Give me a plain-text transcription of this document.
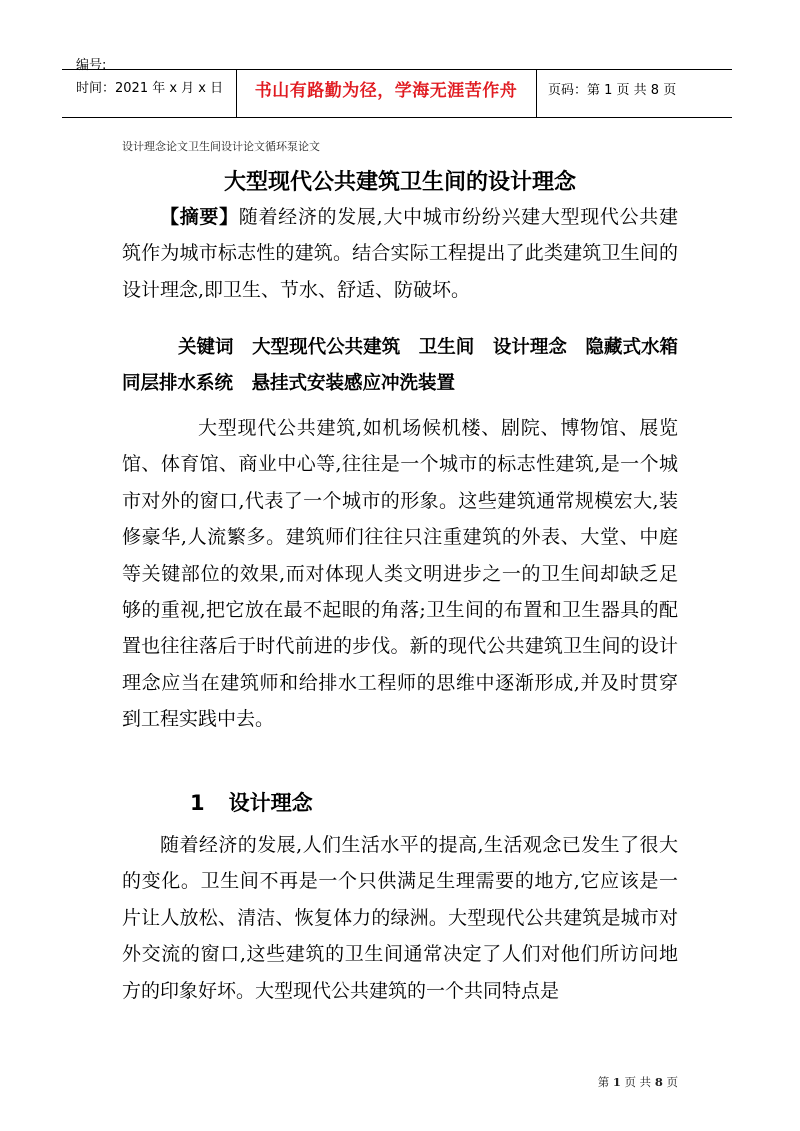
编号:
时间：2021 年 x 月 x 日	书山有路勤为径，学海无涯苦作舟	页码：第 1 页 共 8 页
设计理念论文卫生间设计论文循环泵论文
大型现代公共建筑卫生间的设计理念
【摘要】随着经济的发展,大中城市纷纷兴建大型现代公共建筑作为城市标志性的建筑。结合实际工程提出了此类建筑卫生间的设计理念,即卫生、节水、舒适、防破坏。
关键词　大型现代公共建筑　卫生间　设计理念　隐藏式水箱　同层排水系统　悬挂式安装感应冲洗装置
大型现代公共建筑,如机场候机楼、剧院、博物馆、展览馆、体育馆、商业中心等,往往是一个城市的标志性建筑,是一个城市对外的窗口,代表了一个城市的形象。这些建筑通常规模宏大,装修豪华,人流繁多。建筑师们往往只注重建筑的外表、大堂、中庭等关键部位的效果,而对体现人类文明进步之一的卫生间却缺乏足够的重视,把它放在最不起眼的角落;卫生间的布置和卫生器具的配置也往往落后于时代前进的步伐。新的现代公共建筑卫生间的设计理念应当在建筑师和给排水工程师的思维中逐渐形成,并及时贯穿到工程实践中去。
1 设计理念
随着经济的发展,人们生活水平的提高,生活观念已发生了很大的变化。卫生间不再是一个只供满足生理需要的地方,它应该是一片让人放松、清洁、恢复体力的绿洲。大型现代公共建筑是城市对外交流的窗口,这些建筑的卫生间通常决定了人们对他们所访问地方的印象好坏。大型现代公共建筑的一个共同特点是
第 1 页 共 8 页
